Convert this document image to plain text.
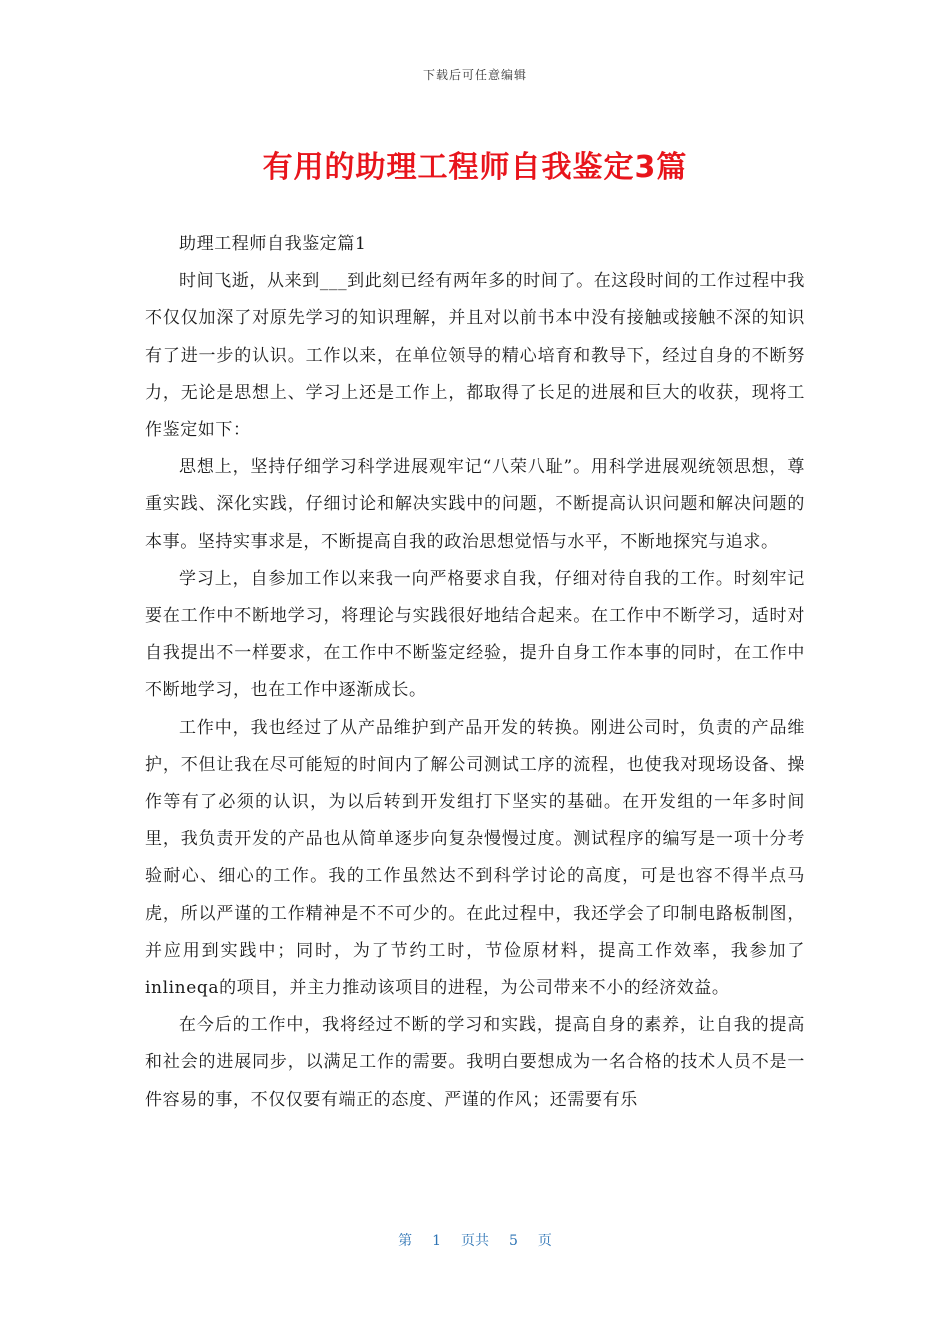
下载后可任意编辑
有用的助理工程师自我鉴定3篇

助理工程师自我鉴定篇1

时间飞逝，从来到___到此刻已经有两年多的时间了。在这段时间的工作过程中我不仅仅加深了对原先学习的知识理解，并且对以前书本中没有接触或接触不深的知识有了进一步的认识。工作以来，在单位领导的精心培育和教导下，经过自身的不断努力，无论是思想上、学习上还是工作上，都取得了长足的进展和巨大的收获，现将工作鉴定如下：

思想上，坚持仔细学习科学进展观牢记“八荣八耻”。用科学进展观统领思想，尊重实践、深化实践，仔细讨论和解决实践中的问题，不断提高认识问题和解决问题的本事。坚持实事求是，不断提高自我的政治思想觉悟与水平，不断地探究与追求。

学习上，自参加工作以来我一向严格要求自我，仔细对待自我的工作。时刻牢记要在工作中不断地学习，将理论与实践很好地结合起来。在工作中不断学习，适时对自我提出不一样要求，在工作中不断鉴定经验，提升自身工作本事的同时，在工作中不断地学习，也在工作中逐渐成长。

工作中，我也经过了从产品维护到产品开发的转换。刚进公司时，负责的产品维护，不但让我在尽可能短的时间内了解公司测试工序的流程，也使我对现场设备、操作等有了必须的认识，为以后转到开发组打下坚实的基础。在开发组的一年多时间里，我负责开发的产品也从简单逐步向复杂慢慢过度。测试程序的编写是一项十分考验耐心、细心的工作。我的工作虽然达不到科学讨论的高度，可是也容不得半点马虎，所以严谨的工作精神是不不可少的。在此过程中，我还学会了印制电路板制图，并应用到实践中；同时，为了节约工时，节俭原材料，提高工作效率，我参加了inlineqa的项目，并主力推动该项目的进程，为公司带来不小的经济效益。

在今后的工作中，我将经过不断的学习和实践，提高自身的素养，让自我的提高和社会的进展同步，以满足工作的需要。我明白要想成为一名合格的技术人员不是一件容易的事，不仅仅要有端正的态度、严谨的作风；还需要有乐

第 1 页共 5 页
